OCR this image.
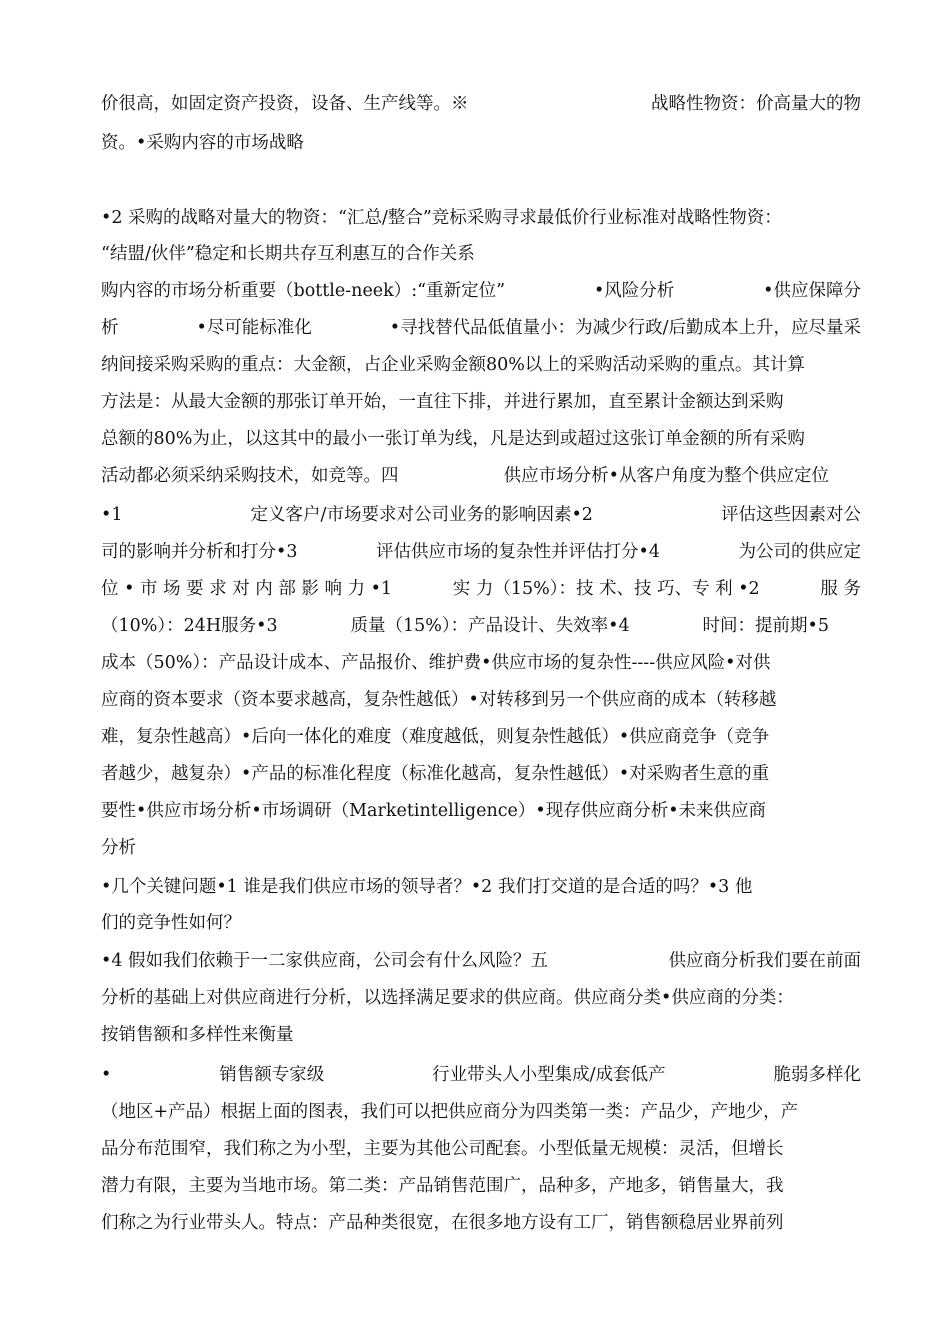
价很高，如固定资产投资，设备、生产线等。※	战略性物资：价高量大的物
资。•采购内容的市场战略
•2 采购的战略对量大的物资：“汇总/整合”竞标采购寻求最低价行业标准对战略性物资：
“结盟/伙伴”稳定和长期共存互利惠互的合作关系
购内容的市场分析重要（bottle-neek）:“重新定位”	•风险分析	•供应保障分
析	•尽可能标准化	•寻找替代品低值量小：为减少行政/后勤成本上升，应尽量采
纳间接采购采购的重点：大金额，占企业采购金额80%以上的采购活动采购的重点。其计算
方法是：从最大金额的那张订单开始，一直往下排，并进行累加，直至累计金额达到采购
总额的80%为止，以这其中的最小一张订单为线，凡是达到或超过这张订单金额的所有采购
活动都必须采纳采购技术，如竞等。四	供应市场分析•从客户角度为整个供应定位
•1	定义客户/市场要求对公司业务的影响因素•2	评估这些因素对公
司的影响并分析和打分•3	评估供应市场的复杂性并评估打分•4	为公司的供应定
位 • 市 场 要 求 对 内 部 影 响 力 •1	实 力（15%）：技 术、技 巧、专 利 •2	服 务
（10%）：24H服务•3	质量（15%）：产品设计、失效率•4	时间：提前期•5
成本（50%）：产品设计成本、产品报价、维护费•供应市场的复杂性----供应风险•对供
应商的资本要求（资本要求越高，复杂性越低）•对转移到另一个供应商的成本（转移越
难，复杂性越高）•后向一体化的难度（难度越低，则复杂性越低）•供应商竞争（竞争
者越少，越复杂）•产品的标准化程度（标准化越高，复杂性越低）•对采购者生意的重
要性•供应市场分析•市场调研（Marketintelligence）•现存供应商分析•未来供应商
分析
•几个关键问题•1 谁是我们供应市场的领导者？•2 我们打交道的是合适的吗？•3 他
们的竞争性如何？
•4 假如我们依赖于一二家供应商，公司会有什么风险？五	供应商分析我们要在前面
分析的基础上对供应商进行分析，以选择满足要求的供应商。供应商分类•供应商的分类：
按销售额和多样性来衡量
•	销售额专家级	行业带头人小型集成/成套低产	脆弱多样化
（地区+产品）根据上面的图表，我们可以把供应商分为四类第一类：产品少，产地少，产
品分布范围窄，我们称之为小型，主要为其他公司配套。小型低量无规模：灵活，但增长
潜力有限，主要为当地市场。第二类：产品销售范围广，品种多，产地多，销售量大，我
们称之为行业带头人。特点：产品种类很宽，在很多地方设有工厂，销售额稳居业界前列
